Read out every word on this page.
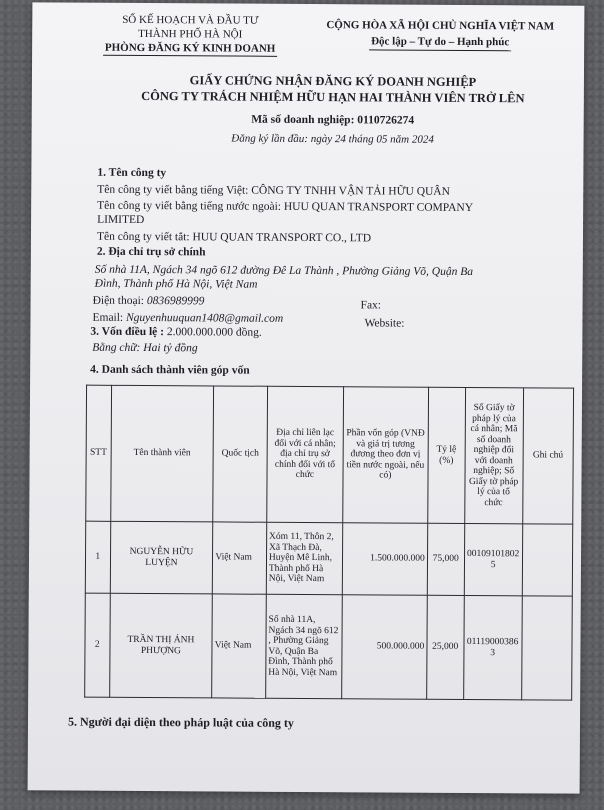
SỐ KẾ HOẠCH VÀ ĐẦU TƯ
THÀNH PHỐ HÀ NỘI
PHÒNG ĐĂNG KÝ KINH DOANH
CỘNG HÒA XÃ HỘI CHỦ NGHĨA VIỆT NAM
Độc lập – Tự do – Hạnh phúc
GIẤY CHỨNG NHẬN ĐĂNG KÝ DOANH NGHIỆP
CÔNG TY TRÁCH NHIỆM HỮU HẠN HAI THÀNH VIÊN TRỞ LÊN
Mã số doanh nghiệp: 0110726274
Đăng ký lần đầu: ngày 24 tháng 05 năm 2024
1. Tên công ty
Tên công ty viết bằng tiếng Việt: CÔNG TY TNHH VẬN TẢI HỮU QUÂN
Tên công ty viết bằng tiếng nước ngoài: HUU QUAN TRANSPORT COMPANY
LIMITED
Tên công ty viết tắt: HUU QUAN TRANSPORT CO., LTD
2. Địa chỉ trụ sở chính
Số nhà 11A, Ngách 34 ngõ 612 đường Đê La Thành , Phường Giảng Võ, Quận Ba
Đình, Thành phố Hà Nội, Việt Nam
Điện thoại: 0836989999	Fax:
Email: Nguyenhuuquan1408@gmail.com	Website:
3. Vốn điều lệ : 2.000.000.000 đồng.
Bằng chữ: Hai tỷ đồng
4. Danh sách thành viên góp vốn
STT	Tên thành viên	Quốc tịch	Địa chỉ liên lạc đối với cá nhân; địa chỉ trụ sở chính đối với tổ chức	Phần vốn góp (VNĐ và giá trị tương đương theo đơn vị tiền nước ngoài, nếu có)	Tỷ lệ (%)	Số Giấy tờ pháp lý của cá nhân; Mã số doanh nghiệp đối với doanh nghiệp; Số Giấy tờ pháp lý của tổ chức	Ghi chú
1	NGUYỄN HỮU LUYỆN	Việt Nam	Xóm 11, Thôn 2, Xã Thạch Đà, Huyện Mê Linh, Thành phố Hà Nội, Việt Nam	1.500.000.000	75,000	001091018025	
2	TRẦN THỊ ÁNH PHƯỢNG	Việt Nam	Số nhà 11A, Ngách 34 ngõ 612 , Phường Giảng Võ, Quận Ba Đình, Thành phố Hà Nội, Việt Nam	500.000.000	25,000	011190003863	
5. Người đại diện theo pháp luật của công ty
